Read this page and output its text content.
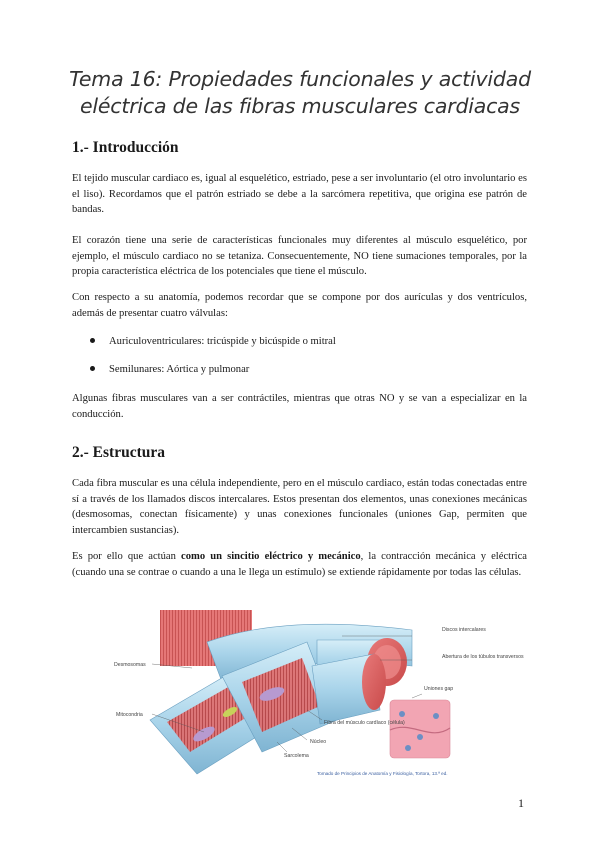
Tema 16: Propiedades funcionales y actividad
eléctrica de las fibras musculares cardiacas
1.- Introducción

El tejido muscular cardiaco es, igual al esquelético, estriado, pese a ser involuntario (el otro involuntario es el liso). Recordamos que el patrón estriado se debe a la sarcómera repetitiva, que origina ese patrón de bandas.

El corazón tiene una serie de características funcionales muy diferentes al músculo esquelético, por ejemplo, el músculo cardiaco no se tetaniza. Consecuentemente, NO tiene sumaciones temporales, por la propia característica eléctrica de los potenciales que tiene el músculo.

Con respecto a su anatomía, podemos recordar que se compone por dos aurículas y dos ventrículos, además de presentar cuatro válvulas:

Auriculoventriculares: tricúspide y bicúspide o mitral
Semilunares: Aórtica y pulmonar

Algunas fibras musculares van a ser contráctiles, mientras que otras NO y se van a especializar en la conducción.

2.- Estructura

Cada fibra muscular es una célula independiente, pero en el músculo cardiaco, están todas conectadas entre sí a través de los llamados discos intercalares. Estos presentan dos elementos, unas conexiones mecánicas (desmosomas, conectan físicamente) y unas conexiones funcionales (uniones Gap, permiten que intercambien sustancias).

Es por ello que actúan como un sincitio eléctrico y mecánico, la contracción mecánica y eléctrica (cuando una se contrae o cuando a una le llega un estímulo) se extiende rápidamente por todas las células.

Discos intercalares
Abertura de los túbulos transversos
Uniones gap
Desmosomas
Mitocondria
Fibra del músculo cardíaco (célula)
Núcleo
Sarcolema
Tomado de Principios de Anatomía y Fisiología, Tortora, 13.ª ed.
1
